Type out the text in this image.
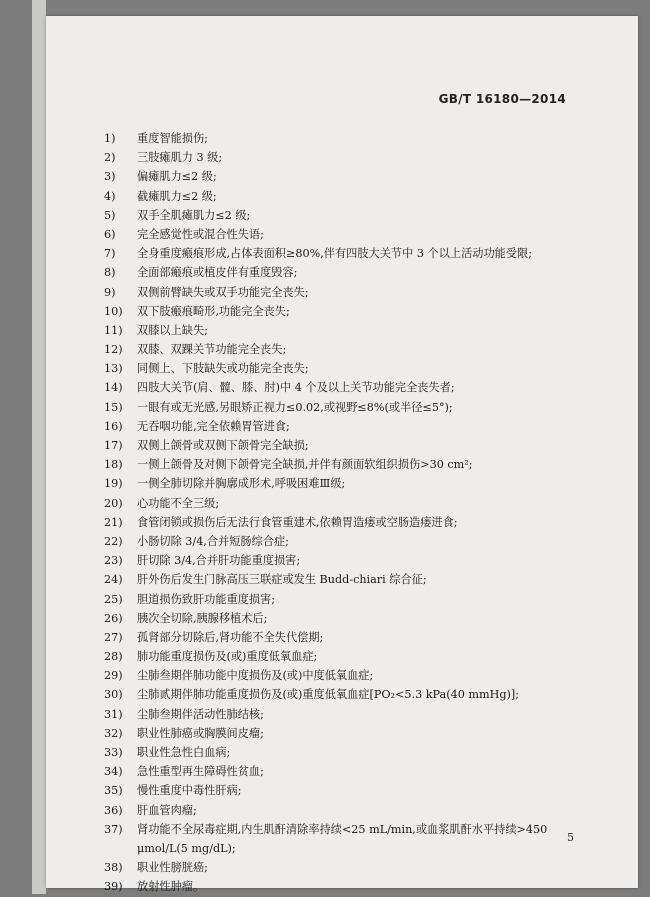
GB/T 16180—2014
1)	重度智能损伤;
2)	三肢瘫肌力 3 级;
3)	偏瘫肌力≤2 级;
4)	截瘫肌力≤2 级;
5)	双手全肌瘫肌力≤2 级;
6)	完全感觉性或混合性失语;
7)	全身重度瘢痕形成,占体表面积≥80%,伴有四肢大关节中 3 个以上活动功能受限;
8)	全面部瘢痕或植皮伴有重度毁容;
9)	双侧前臂缺失或双手功能完全丧失;
10)	双下肢瘢痕畸形,功能完全丧失;
11)	双膝以上缺失;
12)	双膝、双踝关节功能完全丧失;
13)	同侧上、下肢缺失或功能完全丧失;
14)	四肢大关节(肩、髋、膝、肘)中 4 个及以上关节功能完全丧失者;
15)	一眼有或无光感,另眼矫正视力≤0.02,或视野≤8%(或半径≤5°);
16)	无吞咽功能,完全依赖胃管进食;
17)	双侧上颌骨或双侧下颌骨完全缺损;
18)	一侧上颌骨及对侧下颌骨完全缺损,并伴有颜面软组织损伤>30 cm²;
19)	一侧全肺切除并胸廓成形术,呼吸困难Ⅲ级;
20)	心功能不全三级;
21)	食管闭锁或损伤后无法行食管重建术,依赖胃造瘘或空肠造瘘进食;
22)	小肠切除 3/4,合并短肠综合症;
23)	肝切除 3/4,合并肝功能重度损害;
24)	肝外伤后发生门脉高压三联症或发生 Budd-chiari 综合征;
25)	胆道损伤致肝功能重度损害;
26)	胰次全切除,胰腺移植术后;
27)	孤肾部分切除后,肾功能不全失代偿期;
28)	肺功能重度损伤及(或)重度低氧血症;
29)	尘肺叁期伴肺功能中度损伤及(或)中度低氧血症;
30)	尘肺贰期伴肺功能重度损伤及(或)重度低氧血症[PO₂<5.3 kPa(40 mmHg)];
31)	尘肺叁期伴活动性肺结核;
32)	职业性肺癌或胸膜间皮瘤;
33)	职业性急性白血病;
34)	急性重型再生障碍性贫血;
35)	慢性重度中毒性肝病;
36)	肝血管肉瘤;
37)	肾功能不全尿毒症期,内生肌酐清除率持续<25 mL/min,或血浆肌酐水平持续>450 μmol/L(5 mg/dL);
38)	职业性膀胱癌;
39)	放射性肿瘤。
5
